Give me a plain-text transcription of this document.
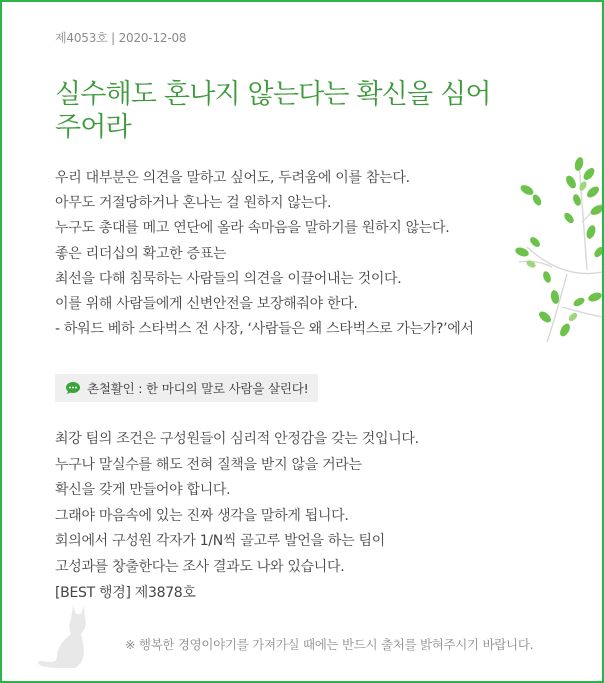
제4053호 | 2020-12-08
실수해도 혼나지 않는다는 확신을 심어주어라
우리 대부분은 의견을 말하고 싶어도, 두려움에 이를 참는다.
아무도 거절당하거나 혼나는 걸 원하지 않는다.
누구도 총대를 메고 연단에 올라 속마음을 말하기를 원하지 않는다.
좋은 리더십의 확고한 증표는
최선을 다해 침묵하는 사람들의 의견을 이끌어내는 것이다.
이를 위해 사람들에게 신변안전을 보장해줘야 한다.
- 하워드 베하 스타벅스 전 사장, ‘사람들은 왜 스타벅스로 가는가?’에서
촌철활인 : 한 마디의 말로 사람을 살린다!
최강 팀의 조건은 구성원들이 심리적 안정감을 갖는 것입니다.
누구나 말실수를 해도 전혀 질책을 받지 않을 거라는
확신을 갖게 만들어야 합니다.
그래야 마음속에 있는 진짜 생각을 말하게 됩니다.
회의에서 구성원 각자가 1/N씩 골고루 발언을 하는 팀이
고성과를 창출한다는 조사 결과도 나와 있습니다.
[BEST 행경] 제3878호
※ 행복한 경영이야기를 가져가실 때에는 반드시 출처를 밝혀주시기 바랍니다.
